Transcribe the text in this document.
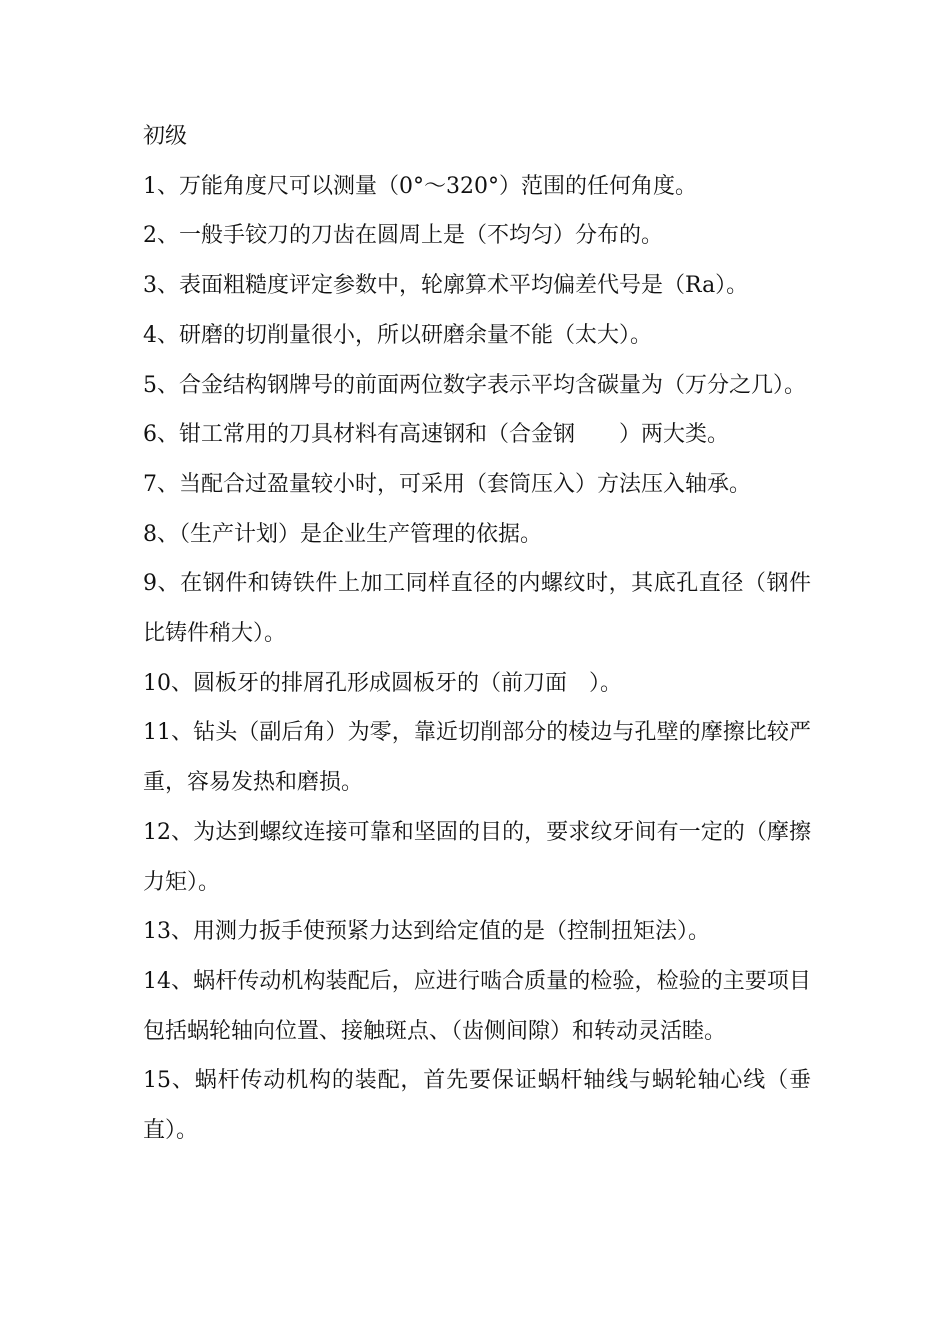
初级

1、万能角度尺可以测量（0°～320°）范围的任何角度。

2、一般手铰刀的刀齿在圆周上是（不均匀）分布的。

3、表面粗糙度评定参数中，轮廓算术平均偏差代号是（Ra）。

4、研磨的切削量很小，所以研磨余量不能（太大）。

5、合金结构钢牌号的前面两位数字表示平均含碳量为（万分之几）。

6、钳工常用的刀具材料有高速钢和（合金钢　　）两大类。

7、当配合过盈量较小时，可采用（套筒压入）方法压入轴承。

8、（生产计划）是企业生产管理的依据。

9、在钢件和铸铁件上加工同样直径的内螺纹时，其底孔直径（钢件比铸件稍大）。

10、圆板牙的排屑孔形成圆板牙的（前刀面　）。

11、钻头（副后角）为零，靠近切削部分的棱边与孔壁的摩擦比较严重，容易发热和磨损。

12、为达到螺纹连接可靠和坚固的目的，要求纹牙间有一定的（摩擦力矩）。

13、用测力扳手使预紧力达到给定值的是（控制扭矩法）。

14、蜗杆传动机构装配后，应进行啮合质量的检验，检验的主要项目包括蜗轮轴向位置、接触斑点、（齿侧间隙）和转动灵活睦。

15、蜗杆传动机构的装配，首先要保证蜗杆轴线与蜗轮轴心线（垂直）。
